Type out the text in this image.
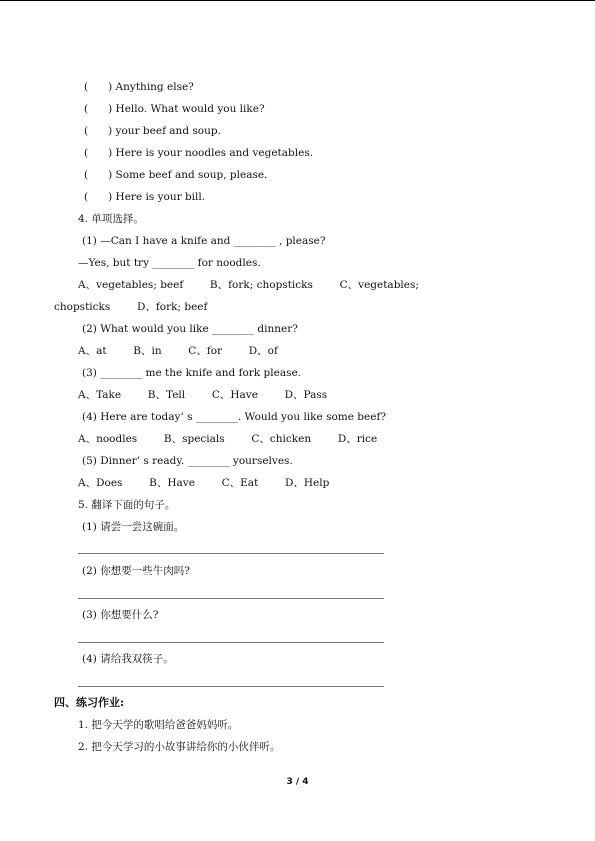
(      ) Anything else?
(      ) Hello. What would you like?
(      ) your beef and soup.
(      ) Here is your noodles and vegetables.
(      ) Some beef and soup, please.
(      ) Here is your bill.
4. 单项选择。
(1) —Can I have a knife and ________ , please?
—Yes, but try ________ for noodles.
A、vegetables; beef        B、fork; chopsticks        C、vegetables;
chopsticks        D、fork; beef
(2) What would you like ________ dinner?
A、at        B、in        C、for        D、of
(3) ________ me the knife and fork please.
A、Take        B、Tell        C、Have        D、Pass
(4) Here are today’ s ________. Would you like some beef?
A、noodles        B、specials        C、chicken        D、rice
(5) Dinner’ s ready. ________ yourselves.
A、Does        B、Have        C、Eat        D、Help
5. 翻译下面的句子。
(1) 请尝一尝这碗面。
(2) 你想要一些牛肉吗?
(3) 你想要什么?
(4) 请给我双筷子。
四、练习作业:
1. 把今天学的歌唱给爸爸妈妈听。
2. 把今天学习的小故事讲给你的小伙伴听。
3 / 4
